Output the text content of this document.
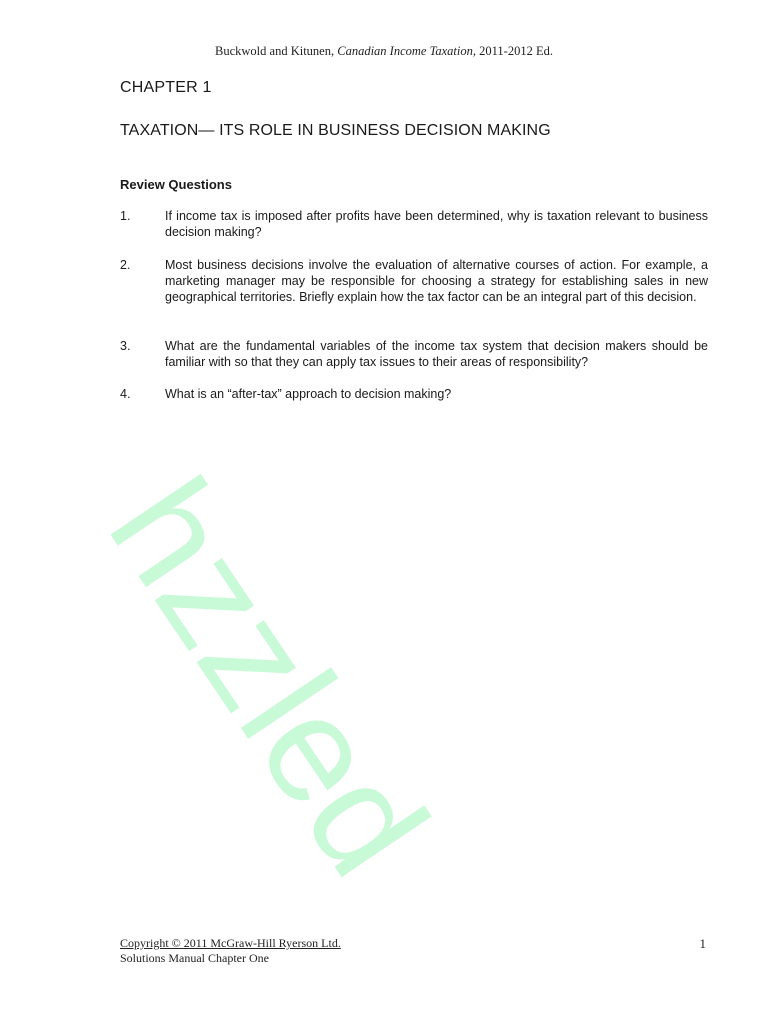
Buckwold and Kitunen, Canadian Income Taxation, 2011-2012 Ed.
CHAPTER 1
TAXATION— ITS ROLE IN BUSINESS DECISION MAKING
Review Questions
1.	If income tax is imposed after profits have been determined, why is taxation relevant to business decision making?
2.	Most business decisions involve the evaluation of alternative courses of action. For example, a marketing manager may be responsible for choosing a strategy for establishing sales in new geographical territories. Briefly explain how the tax factor can be an integral part of this decision.
3.	What are the fundamental variables of the income tax system that decision makers should be familiar with so that they can apply tax issues to their areas of responsibility?
4.	What is an “after-tax” approach to decision making?
hzzled
Copyright © 2011 McGraw-Hill Ryerson Ltd.
Solutions Manual Chapter One
1
